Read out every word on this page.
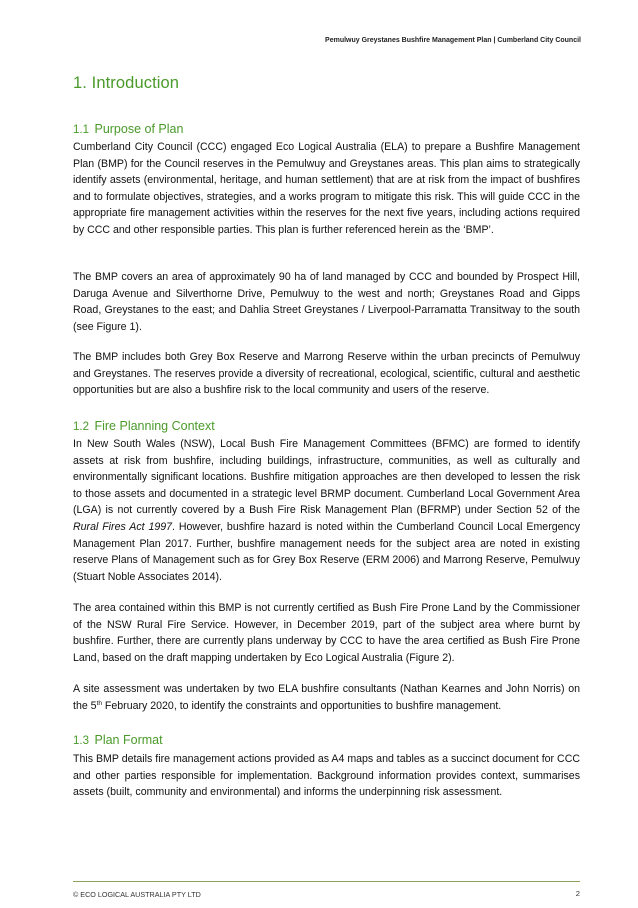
Pemulwuy Greystanes Bushfire Management Plan | Cumberland City Council
1. Introduction
1.1 Purpose of Plan

Cumberland City Council (CCC) engaged Eco Logical Australia (ELA) to prepare a Bushfire Management Plan (BMP) for the Council reserves in the Pemulwuy and Greystanes areas. This plan aims to strategically identify assets (environmental, heritage, and human settlement) that are at risk from the impact of bushfires and to formulate objectives, strategies, and a works program to mitigate this risk. This will guide CCC in the appropriate fire management activities within the reserves for the next five years, including actions required by CCC and other responsible parties. This plan is further referenced herein as the ‘BMP’.

The BMP covers an area of approximately 90 ha of land managed by CCC and bounded by Prospect Hill, Daruga Avenue and Silverthorne Drive, Pemulwuy to the west and north; Greystanes Road and Gipps Road, Greystanes to the east; and Dahlia Street Greystanes / Liverpool-Parramatta Transitway to the south (see Figure 1).

The BMP includes both Grey Box Reserve and Marrong Reserve within the urban precincts of Pemulwuy and Greystanes. The reserves provide a diversity of recreational, ecological, scientific, cultural and aesthetic opportunities but are also a bushfire risk to the local community and users of the reserve.

1.2 Fire Planning Context

In New South Wales (NSW), Local Bush Fire Management Committees (BFMC) are formed to identify assets at risk from bushfire, including buildings, infrastructure, communities, as well as culturally and environmentally significant locations. Bushfire mitigation approaches are then developed to lessen the risk to those assets and documented in a strategic level BRMP document. Cumberland Local Government Area (LGA) is not currently covered by a Bush Fire Risk Management Plan (BFRMP) under Section 52 of the Rural Fires Act 1997. However, bushfire hazard is noted within the Cumberland Council Local Emergency Management Plan 2017. Further, bushfire management needs for the subject area are noted in existing reserve Plans of Management such as for Grey Box Reserve (ERM 2006) and Marrong Reserve, Pemulwuy (Stuart Noble Associates 2014).

The area contained within this BMP is not currently certified as Bush Fire Prone Land by the Commissioner of the NSW Rural Fire Service. However, in December 2019, part of the subject area where burnt by bushfire. Further, there are currently plans underway by CCC to have the area certified as Bush Fire Prone Land, based on the draft mapping undertaken by Eco Logical Australia (Figure 2).

A site assessment was undertaken by two ELA bushfire consultants (Nathan Kearnes and John Norris) on the 5th February 2020, to identify the constraints and opportunities to bushfire management.

1.3 Plan Format

This BMP details fire management actions provided as A4 maps and tables as a succinct document for CCC and other parties responsible for implementation. Background information provides context, summarises assets (built, community and environmental) and informs the underpinning risk assessment.

© ECO LOGICAL AUSTRALIA PTY LTD	2
